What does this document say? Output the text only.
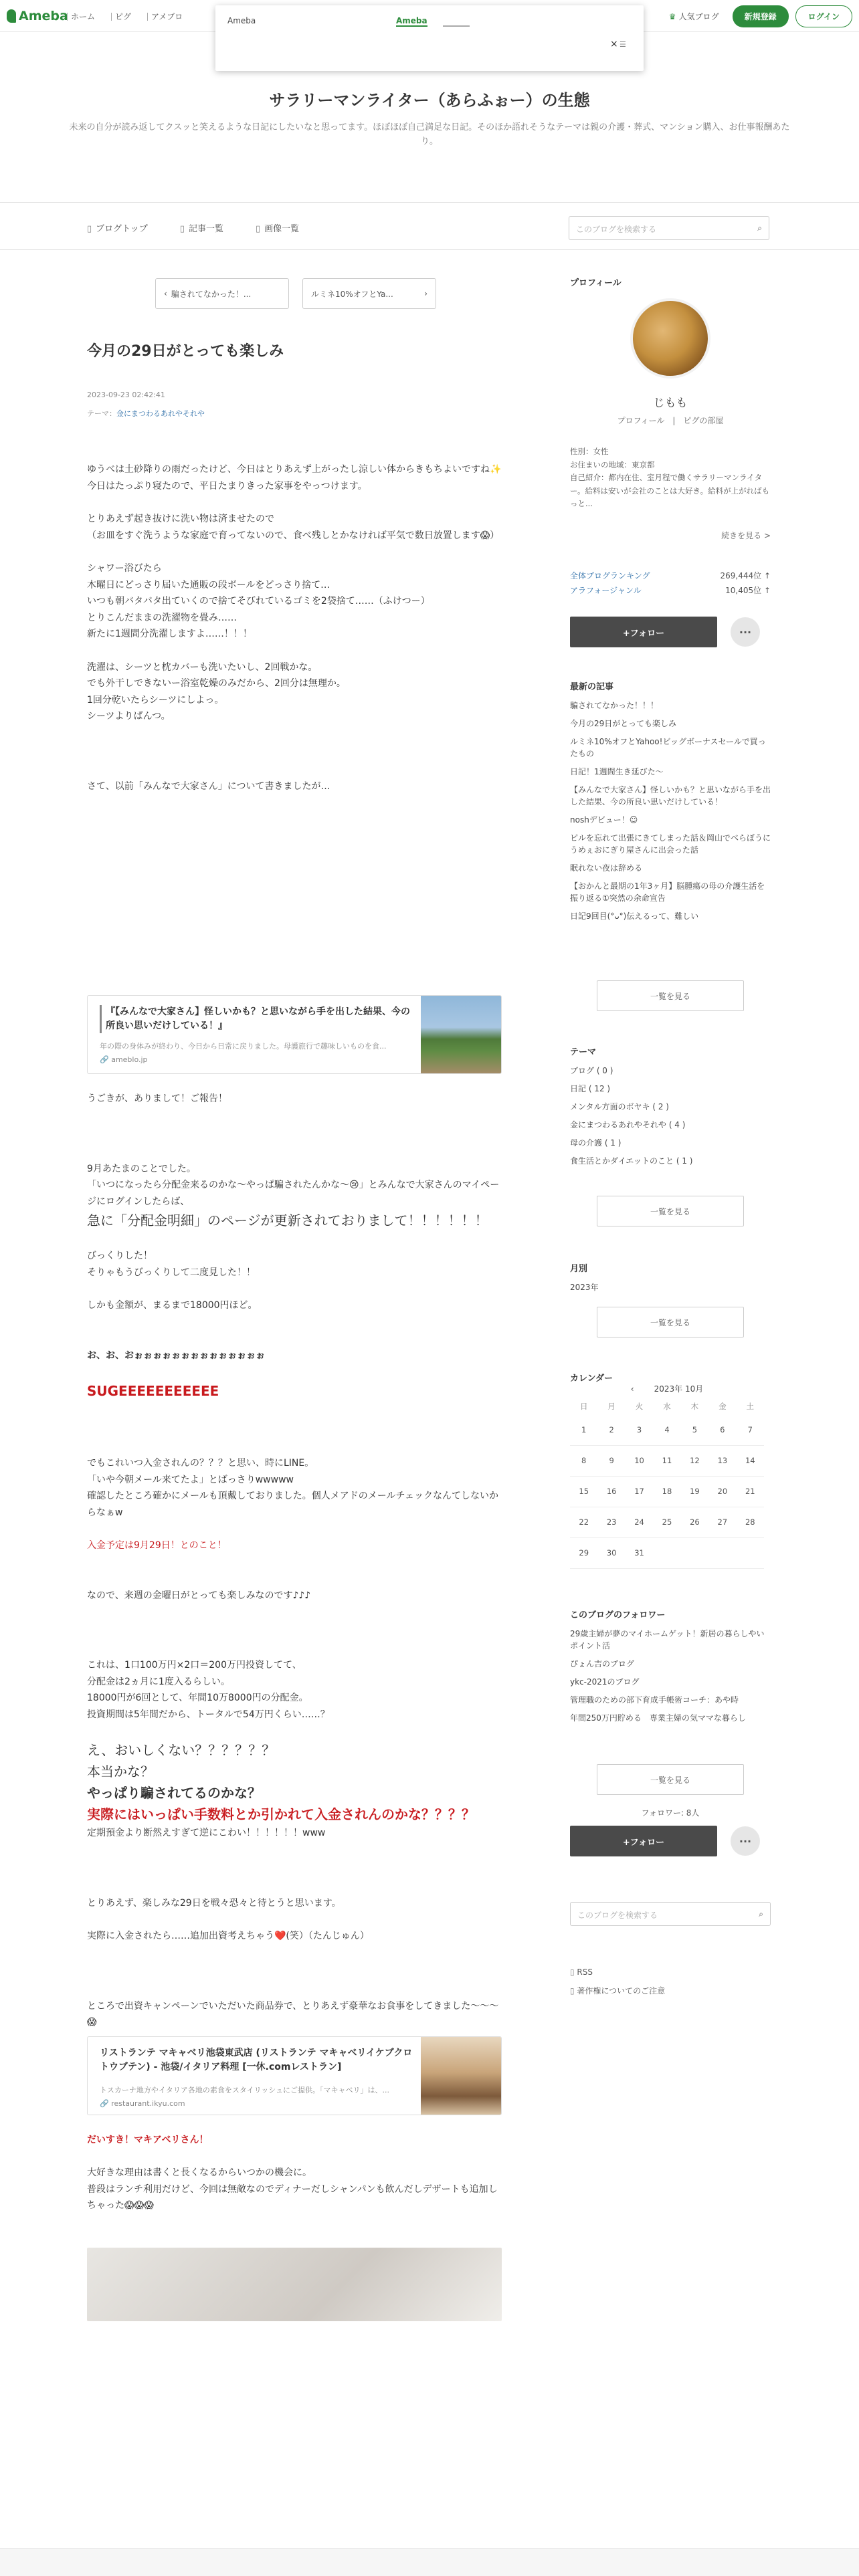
Ameba ホーム	ピグ	アメブロ	♛ 人気ブログ	新規登録	ログイン
Ameba	Ameba
× ☰
サラリーマンライター（あらふぉー）の生態
未来の自分が読み返してクスッと笑えるような日記にしたいなと思ってます。ほぼほぼ自己満足な日記。そのほか語れそうなテーマは親の介護・葬式、マンション購入、お仕事報酬あたり。
▯ ブログトップ	▯ 記事一覧	▯ 画像一覧	このブログを検索する	⌕
‹ 騙されてなかった！...	ルミネ10%オフとYa...	›
今月の29日がとっても楽しみ
2023-09-23 02:42:41
テーマ：金にまつわるあれやそれや

ゆうべは土砂降りの雨だったけど、今日はとりあえず上がったし涼しい体からきもちよいですね✨

今日はたっぷり寝たので、平日たまりきった家事をやっつけます。

とりあえず起き抜けに洗い物は済ませたので

（お皿をすぐ洗うような家庭で育ってないので、食べ残しとかなければ平気で数日放置します😱）

シャワー浴びたら

木曜日にどっさり届いた通販の段ボールをどっさり捨て…

いつも朝バタバタ出ていくので捨てそびれているゴミを2袋捨て……（ふけつー）

とりこんだままの洗濯物を畳み……

新たに1週間分洗濯しますよ……！！！

洗濯は、シーツと枕カバーも洗いたいし、2回戦かな。

でも外干しできないー浴室乾燥のみだから、2回分は無理か。

1回分乾いたらシーツにしよっ。

シーツよりぱんつ。

さて、以前「みんなで大家さん」について書きましたが…

『【みんなで大家さん】怪しいかも？と思いながら手を出した結果、今の所良い思いだけしている！』
年の際の身体みが終わり、今日から日常に戻りました。母護旅行で趣味しいものを食...
🔗 ameblo.jp

うごきが、ありまして！ご報告！

9月あたまのことでした。

「いつになったら分配金来るのかな〜やっぱ騙されたんかな〜😢」とみんなで大家さんのマイページにログインしたらば、

急に「分配金明細」のページが更新されておりまして！！！！！！

びっくりした！

そりゃもうびっくりして二度見した！！

しかも金額が、まるまで18000円ほど。

お、お、おぉぉぉぉぉぉぉぉぉぉぉぉぉぉ

SUGEEEEEEEEEEE

でもこれいつ入金されんの？？？と思い、時にLINE。

「いや今朝メール来てたよ」とばっさりwwwww

確認したところ確かにメールも頂戴しておりました。個人メアドのメールチェックなんてしないからなぁw

入金予定は9月29日！とのこと！

なので、来週の金曜日がとっても楽しみなのです♪♪♪

これは、1口100万円×2口＝200万円投資してて、

分配金は2ヵ月に1度入るらしい。

18000円が6回として、年間10万8000円の分配金。

投資期間は5年間だから、トータルで54万円くらい……？

え、おいしくない？？？？？？

本当かな？

やっぱり騙されてるのかな？

実際にはいっぱい手数料とか引かれて入金されんのかな？？？？

定期預金より断然えすぎて逆にこわい！！！！！！www

とりあえず、楽しみな29日を戦々恐々と待とうと思います。

実際に入金されたら……追加出資考えちゃう❤️(笑）（たんじゅん）

ところで出資キャンペーンでいただいた商品券で、とりあえず豪華なお食事をしてきました〜〜〜😱

リストランテ マキャベリ池袋東武店 (リストランテ マキャベリイケブクロトウブテン) - 池袋/イタリア料理 [一休.comレストラン]
トスカーナ地方やイタリア各地の素食をスタイリッシュにご提供。「マキャベリ」は、...
🔗 restaurant.ikyu.com

だいすき！マキアベリさん！

大好きな理由は書くと長くなるからいつかの機会に。

普段はランチ利用だけど、今回は無敵なのでディナーだしシャンパンも飲んだしデザートも追加しちゃった😱😱😱

プロフィール
じもも
プロフィール　|　ピグの部屋
性別：女性
お住まいの地域：東京都
自己紹介：都内在住、室月程で働くサラリーマンライター。給料は安いが会社のことは大好き。給料が上がればもっと...
続きを見る >
全体ブログランキング	269,444位 ↑
アラフォージャンル	10,405位 ↑
+フォロー	···
最新の記事
騙されてなかった！！！
今月の29日がとっても楽しみ
ルミネ10%オフとYahoo!ビッグボーナスセールで買ったもの
日記！1週間生き延びた〜
【みんなで大家さん】怪しいかも？と思いながら手を出した結果、今の所良い思いだけしている！
noshデビュー！☺
ピルを忘れて出張にきてしまった話＆岡山でべらぼうにうめぇおにぎり屋さんに出会った話
眠れない夜は辞める
【おかんと最期の1年3ヶ月】脳腫瘍の母の介護生活を振り返る①突然の余命宣告
日記9回目(°ᴗ°)伝えるって、難しい
一覧を見る
テーマ
ブログ ( 0 )
日記 ( 12 )
メンタル方面のボヤキ ( 2 )
金にまつわるあれやそれや ( 4 )
母の介護 ( 1 )
食生活とかダイエットのこと ( 1 )
一覧を見る
月別
2023年
一覧を見る
カレンダー
‹	2023年 10月
日	月	火	水	木	金	土
1	2	3	4	5	6	7
8	9	10	11	12	13	14
15	16	17	18	19	20	21
22	23	24	25	26	27	28
29	30	31				
このブログのフォロワー
29歳主婦が夢のマイホームゲット！新居の暮らしやいポイント活
ぴょん吉のブログ
ykc-2021のブログ
管理職のための部下育成手帳術コーチ：あや時
年間250万円貯める　専業主婦の気ママな暮らし
一覧を見る
フォロワー: 8人
+フォロー	···
このブログを検索する	⌕
▯ RSS
▯ 著作権についてのご注意
